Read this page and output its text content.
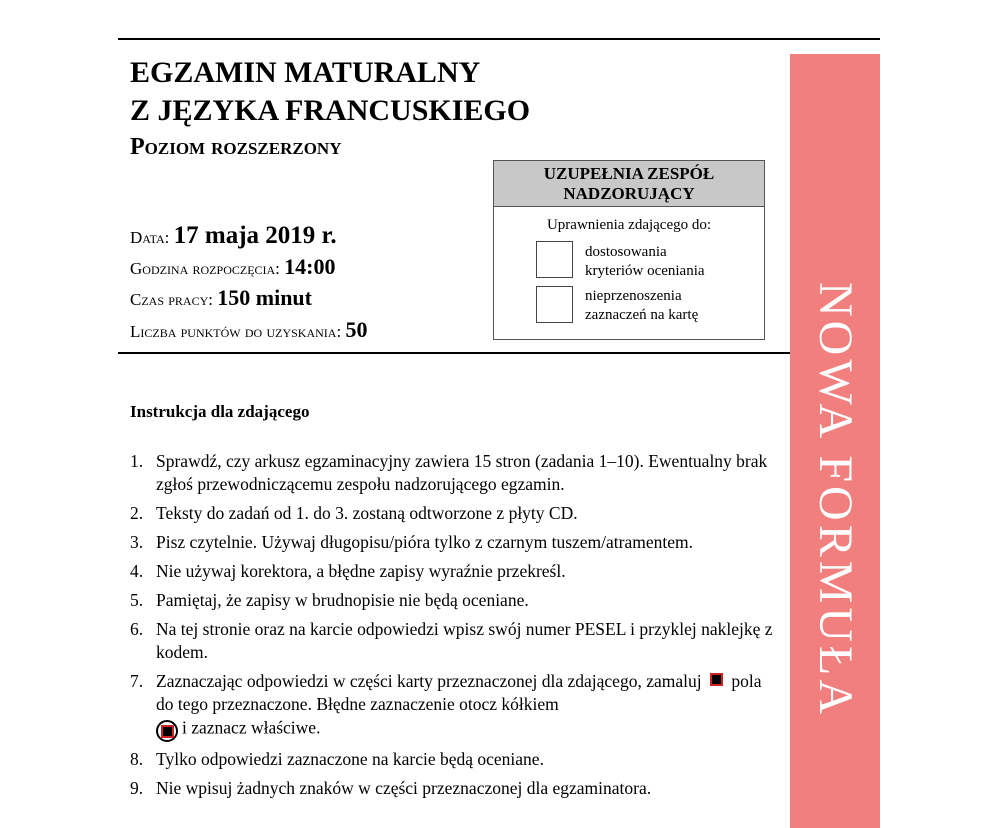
EGZAMIN MATURALNY
Z JĘZYKA FRANCUSKIEGO
Poziom rozszerzony
Data: 17 maja 2019 r.
Godzina rozpoczęcia: 14:00
Czas pracy: 150 minut
Liczba punktów do uzyskania: 50
UZUPEŁNIA ZESPÓŁ
NADZORUJĄCY
Uprawnienia zdającego do:
dostosowania
kryteriów oceniania
nieprzenoszenia
zaznaczeń na kartę	NOWA FORMUŁA
Instrukcja dla zdającego
1. Sprawdź, czy arkusz egzaminacyjny zawiera 15 stron (zadania 1–10). Ewentualny brak zgłoś przewodniczącemu zespołu nadzorującego egzamin.
2. Teksty do zadań od 1. do 3. zostaną odtworzone z płyty CD.
3. Pisz czytelnie. Używaj długopisu/pióra tylko z czarnym tuszem/atramentem.
4. Nie używaj korektora, a błędne zapisy wyraźnie przekreśl.
5. Pamiętaj, że zapisy w brudnopisie nie będą oceniane.
6. Na tej stronie oraz na karcie odpowiedzi wpisz swój numer PESEL i przyklej naklejkę z kodem.
7. Zaznaczając odpowiedzi w części karty przeznaczonej dla zdającego, zamaluj pola do tego przeznaczone. Błędne zaznaczenie otocz kółkiem

i zaznacz właściwe.
8. Tylko odpowiedzi zaznaczone na karcie będą oceniane.
9. Nie wpisuj żadnych znaków w części przeznaczonej dla egzaminatora.
